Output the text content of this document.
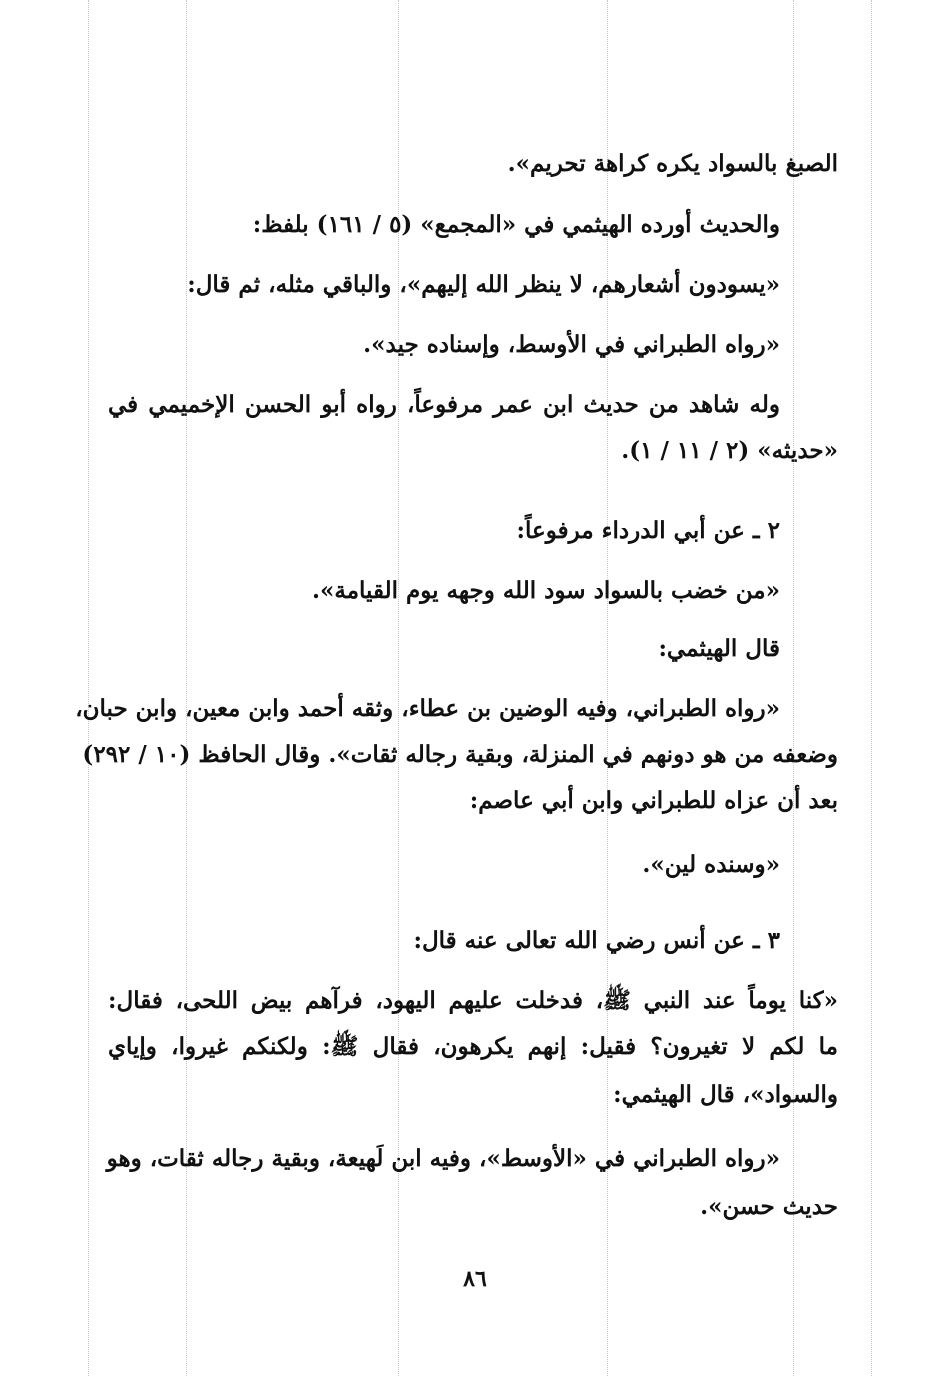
الصبغ بالسواد يكره كراهة تحريم».
والحديث أورده الهيثمي في «المجمع» (٥ / ١٦١) بلفظ:
«يسودون أشعارهم، لا ينظر الله إليهم»، والباقي مثله، ثم قال:
«رواه الطبراني في الأوسط، وإسناده جيد».
وله شاهد من حديث ابن عمر مرفوعاً، رواه أبو الحسن الإخميمي في
«حديثه» (٢ / ١١ / ١).
٢ ـ عن أبي الدرداء مرفوعاً:
«من خضب بالسواد سود الله وجهه يوم القيامة».
قال الهيثمي:
«رواه الطبراني، وفيه الوضين بن عطاء، وثقه أحمد وابن معين، وابن حبان،
وضعفه من هو دونهم في المنزلة، وبقية رجاله ثقات». وقال الحافظ (١٠ / ٢٩٢)
بعد أن عزاه للطبراني وابن أبي عاصم:
«وسنده لين».
٣ ـ عن أنس رضي الله تعالى عنه قال:
«كنا يوماً عند النبي ﷺ، فدخلت عليهم اليهود، فرآهم بيض اللحى، فقال:
ما لكم لا تغيرون؟ فقيل: إنهم يكرهون، فقال ﷺ: ولكنكم غيروا، وإياي
والسواد»، قال الهيثمي:
«رواه الطبراني في «الأوسط»، وفيه ابن لَهيعة، وبقية رجاله ثقات، وهو
حديث حسن».
٨٦
